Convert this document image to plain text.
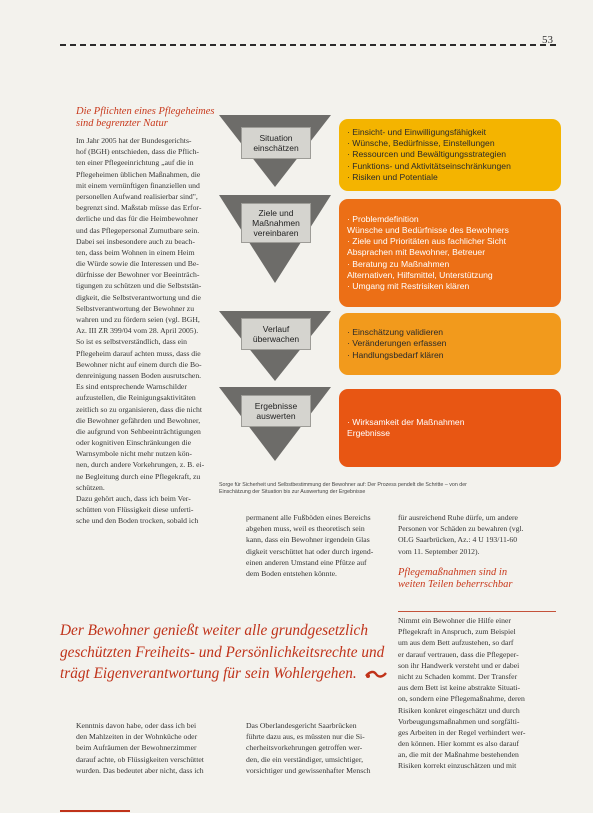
53
Die Pflichten eines Pflegeheimes
sind begrenzter Natur
Im Jahr 2005 hat der Bundesgerichts-
hof (BGH) entschieden, dass die Pflich-
ten einer Pflegeeinrichtung „auf die in
Pflegeheimen üblichen Maßnahmen, die
mit einem vernünftigen finanziellen und
personellen Aufwand realisierbar sind",
begrenzt sind. Maßstab müsse das Erfor-
derliche und das für die Heimbewohner
und das Pflegepersonal Zumutbare sein.
Dabei sei insbesondere auch zu beach-
ten, dass beim Wohnen in einem Heim
die Würde sowie die Interessen und Be-
dürfnisse der Bewohner vor Beeinträch-
tigungen zu schützen und die Selbststän-
digkeit, die Selbstverantwortung und die
Selbstverantwortung der Bewohner zu
wahren und zu fördern seien (vgl. BGH,
Az. III ZR 399/04 vom 28. April 2005).
So ist es selbstverständlich, dass ein
Pflegeheim darauf achten muss, dass die
Bewohner nicht auf einem durch die Bo-
denreinigung nassen Boden ausrutschen.
Es sind entsprechende Warnschilder
aufzustellen, die Reinigungsaktivitäten
zeitlich so zu organisieren, dass die nicht
die Bewohner gefährden und Bewohner,
die aufgrund von Sehbeeinträchtigungen
oder kognitiven Einschränkungen die
Warnsymbole nicht mehr nutzen kön-
nen, durch andere Vorkehrungen, z. B. ei-
ne Begleitung durch eine Pflegekraft, zu
schützen.
Dazu gehört auch, dass ich beim Ver-
schütten von Flüssigkeit diese unferti-
sche und den Boden trocken, sobald ich
Situation
einschätzen
· Einsicht- und Einwilligungsfähigkeit
· Wünsche, Bedürfnisse, Einstellungen
· Ressourcen und Bewältigungsstrategien
· Funktions- und Aktivitätseinschränkungen
· Risiken und Potentiale
Ziele und
Maßnahmen
vereinbaren
· Problemdefinition
Wünsche und Bedürfnisse des Bewohners
· Ziele und Prioritäten aus fachlicher Sicht
Absprachen mit Bewohner, Betreuer
· Beratung zu Maßnahmen
Alternativen, Hilfsmittel, Unterstützung
· Umgang mit Restrisiken klären
Verlauf
überwachen
· Einschätzung validieren
· Veränderungen erfassen
· Handlungsbedarf klären
Ergebnisse
auswerten
· Wirksamkeit der Maßnahmen
Ergebnisse
Sorge für Sicherheit und Selbstbestimmung der Bewohner auf: Der Prozess pendelt die Schritte – von der
Einschätzung der Situation bis zur Auswertung der Ergebnisse
permanent alle Fußböden eines Bereichs
abgehen muss, weil es theoretisch sein
kann, dass ein Bewohner irgendein Glas
digkeit verschüttet hat oder durch irgend-
einen anderen Umstand eine Pfütze auf
dem Boden entstehen könnte.
für ausreichend Ruhe dürfe, um andere
Personen vor Schäden zu bewahren (vgl.
OLG Saarbrücken, Az.: 4 U 193/11-60
vom 11. September 2012).
Pflegemaßnahmen sind in
weiten Teilen beherrschbar
Nimmt ein Bewohner die Hilfe einer
Pflegekraft in Anspruch, zum Beispiel
um aus dem Bett aufzustehen, so darf
er darauf vertrauen, dass die Pflegeper-
son ihr Handwerk versteht und er dabei
nicht zu Schaden kommt. Der Transfer
aus dem Bett ist keine abstrakte Situati-
on, sondern eine Pflegemaßnahme, deren
Risiken konkret eingeschätzt und durch
Vorbeugungsmaßnahmen und sorgfälti-
ges Arbeiten in der Regel verhindert wer-
den können. Hier kommt es also darauf
an, die mit der Maßnahme bestehenden
Risiken korrekt einzuschätzen und mit
Der Bewohner genießt weiter alle grundgesetzlich
geschützten Freiheits- und Persönlichkeitsrechte und
trägt Eigenverantwortung für sein Wohlergehen.
Kenntnis davon habe, oder dass ich bei
den Mahlzeiten in der Wohnküche oder
beim Aufräumen der Bewohnerzimmer
darauf achte, ob Flüssigkeiten verschüttet
wurden. Das bedeutet aber nicht, dass ich
Das Oberlandesgericht Saarbrücken
führte dazu aus, es müssten nur die Si-
cherheitsvorkehrungen getroffen wer-
den, die ein verständiger, umsichtiger,
vorsichtiger und gewissenhafter Mensch
